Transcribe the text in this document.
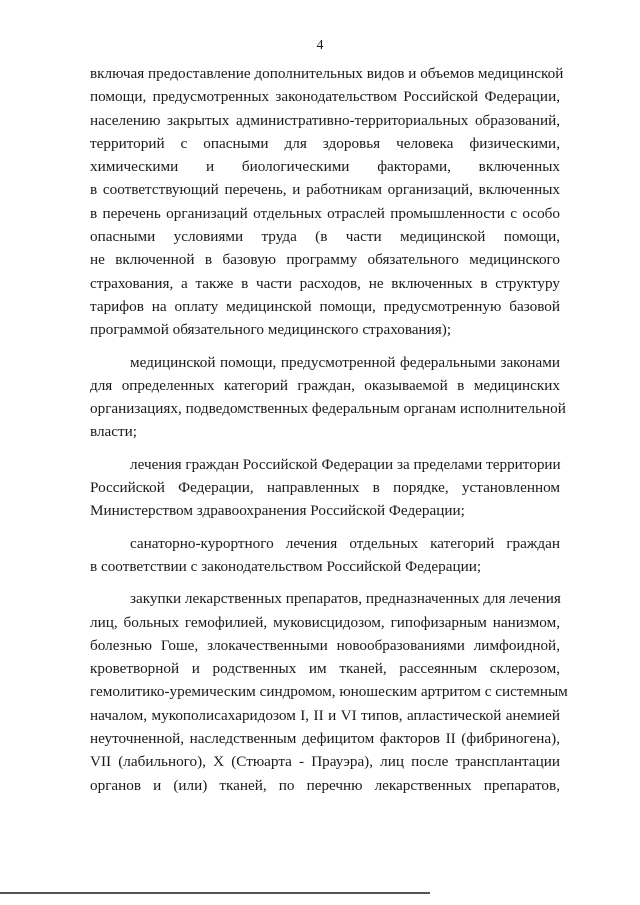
4
включая предоставление дополнительных видов и объемов медицинской
помощи, предусмотренных законодательством Российской Федерации,
населению закрытых административно-территориальных образований,
территорий с опасными для здоровья человека физическими,
химическими и биологическими факторами, включенных
в соответствующий перечень, и работникам организаций, включенных
в перечень организаций отдельных отраслей промышленности с особо
опасными условиями труда (в части медицинской помощи,
не включенной в базовую программу обязательного медицинского
страхования, а также в части расходов, не включенных в структуру
тарифов на оплату медицинской помощи, предусмотренную базовой
программой обязательного медицинского страхования);
медицинской помощи, предусмотренной федеральными законами
для определенных категорий граждан, оказываемой в медицинских
организациях, подведомственных федеральным органам исполнительной
власти;
лечения граждан Российской Федерации за пределами территории
Российской Федерации, направленных в порядке, установленном
Министерством здравоохранения Российской Федерации;
санаторно-курортного лечения отдельных категорий граждан
в соответствии с законодательством Российской Федерации;
закупки лекарственных препаратов, предназначенных для лечения
лиц, больных гемофилией, муковисцидозом, гипофизарным нанизмом,
болезнью Гоше, злокачественными новообразованиями лимфоидной,
кроветворной и родственных им тканей, рассеянным склерозом,
гемолитико-уремическим синдромом, юношеским артритом с системным
началом, мукополисахаридозом I, II и VI типов, апластической анемией
неуточненной, наследственным дефицитом факторов II (фибриногена),
VII (лабильного), X (Стюарта - Прауэра), лиц после трансплантации
органов и (или) тканей, по перечню лекарственных препаратов,
